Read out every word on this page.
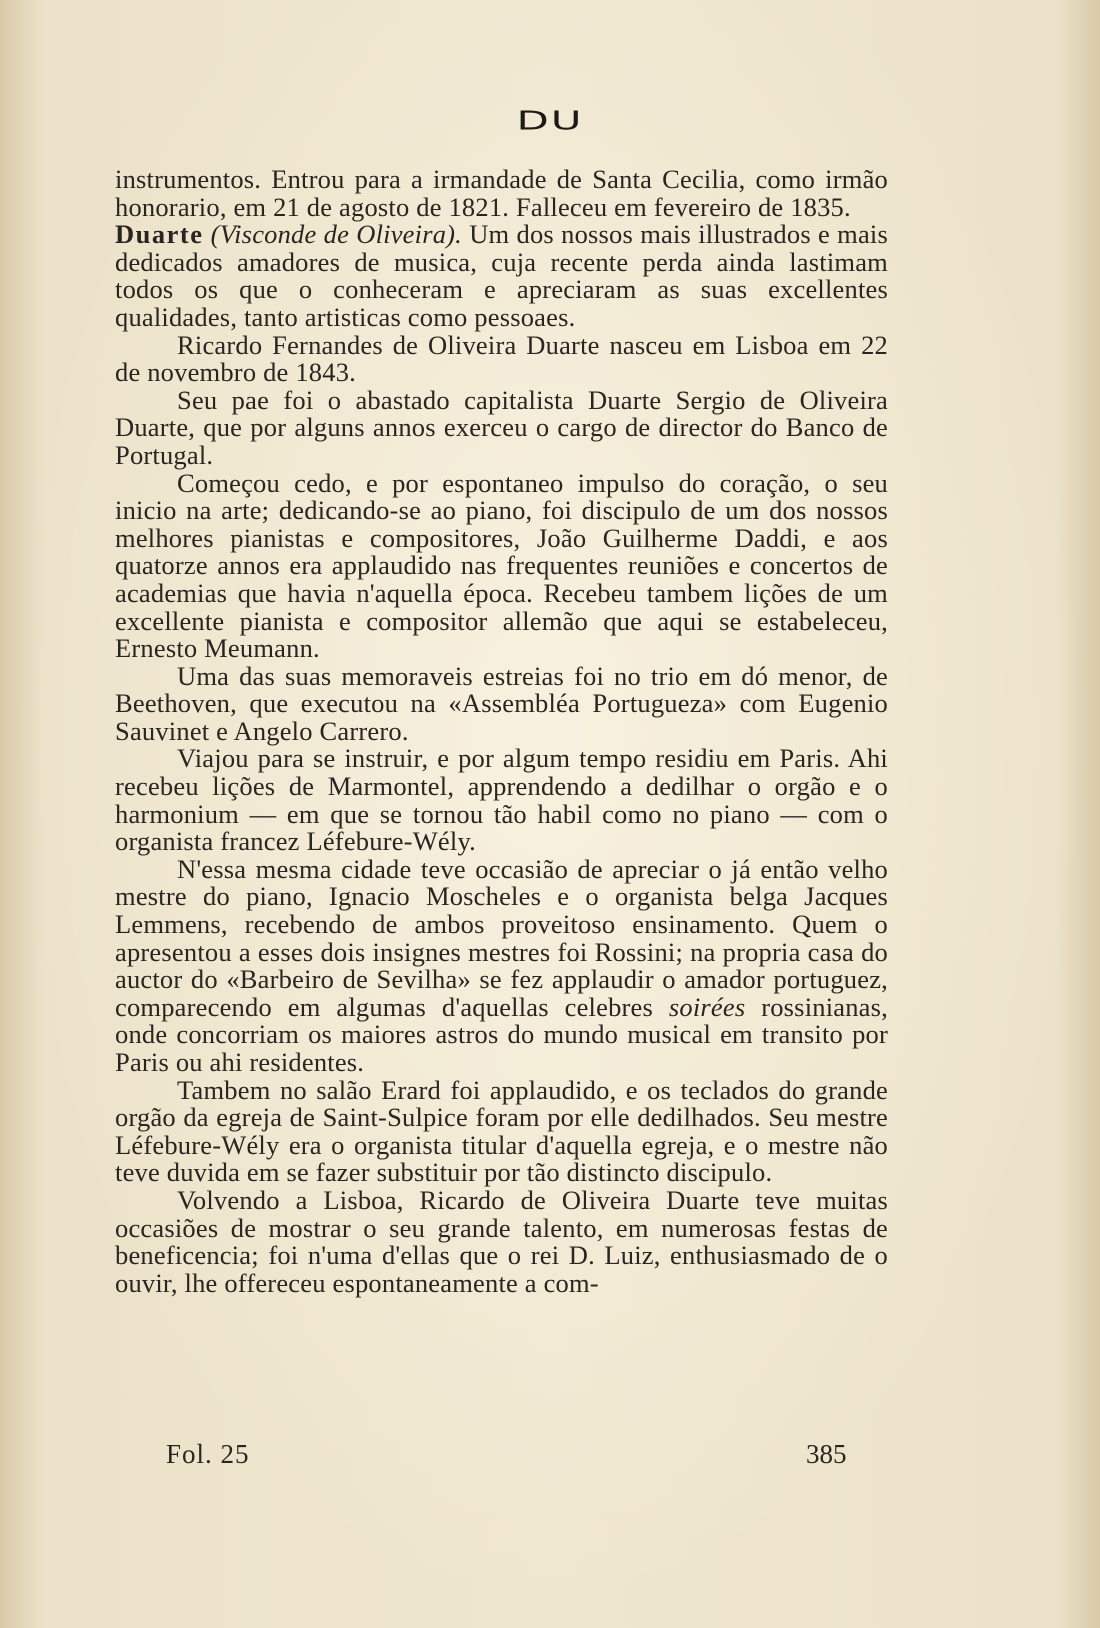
DU

instrumentos. Entrou para a irmandade de Santa Cecilia, como irmão honorario, em 21 de agosto de 1821. Falleceu em fevereiro de 1835.

Duarte (Visconde de Oliveira). Um dos nossos mais illustrados e mais dedicados amadores de musica, cuja recente perda ainda lastimam todos os que o conheceram e apreciaram as suas excellentes qualidades, tanto artisticas como pessoaes.

Ricardo Fernandes de Oliveira Duarte nasceu em Lisboa em 22 de novembro de 1843.

Seu pae foi o abastado capitalista Duarte Sergio de Oliveira Duarte, que por alguns annos exerceu o cargo de director do Banco de Portugal.

Começou cedo, e por espontaneo impulso do coração, o seu inicio na arte; dedicando-se ao piano, foi discipulo de um dos nossos melhores pianistas e compositores, João Guilherme Daddi, e aos quatorze annos era applaudido nas frequentes reuniões e concertos de academias que havia n'aquella época. Recebeu tambem lições de um excellente pianista e compositor allemão que aqui se estabeleceu, Ernesto Meumann.

Uma das suas memoraveis estreias foi no trio em dó menor, de Beethoven, que executou na «Assembléa Portugueza» com Eugenio Sauvinet e Angelo Carrero.

Viajou para se instruir, e por algum tempo residiu em Paris. Ahi recebeu lições de Marmontel, apprendendo a dedilhar o orgão e o harmonium — em que se tornou tão habil como no piano — com o organista francez Léfebure-Wély.

N'essa mesma cidade teve occasião de apreciar o já então velho mestre do piano, Ignacio Moscheles e o organista belga Jacques Lemmens, recebendo de ambos proveitoso ensinamento. Quem o apresentou a esses dois insignes mestres foi Rossini; na propria casa do auctor do «Barbeiro de Sevilha» se fez applaudir o amador portuguez, comparecendo em algumas d'aquellas celebres soirées rossinianas, onde concorriam os maiores astros do mundo musical em transito por Paris ou ahi residentes.

Tambem no salão Erard foi applaudido, e os teclados do grande orgão da egreja de Saint-Sulpice foram por elle dedilhados. Seu mestre Léfebure-Wély era o organista titular d'aquella egreja, e o mestre não teve duvida em se fazer substituir por tão distincto discipulo.

Volvendo a Lisboa, Ricardo de Oliveira Duarte teve muitas occasiões de mostrar o seu grande talento, em numerosas festas de beneficencia; foi n'uma d'ellas que o rei D. Luiz, enthusiasmado de o ouvir, lhe offereceu espontaneamente a com-

Fol. 25	385
